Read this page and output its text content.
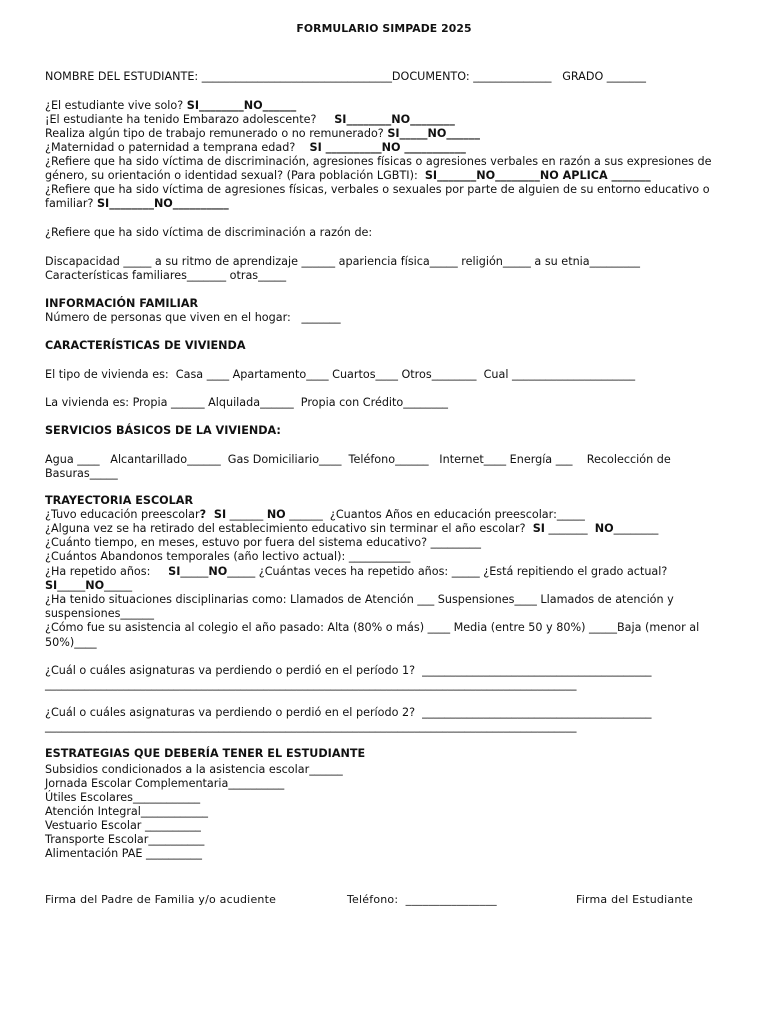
FORMULARIO SIMPADE 2025
NOMBRE DEL ESTUDIANTE: __________________________________DOCUMENTO: ______________ GRADO _______
¿El estudiante vive solo? SI________NO______
¡El estudiante ha tenido Embarazo adolescente?     SI________NO________
Realiza algún tipo de trabajo remunerado o no remunerado? SI_____NO______
¿Maternidad o paternidad a temprana edad?    SI __________NO ___________
¿Refiere que ha sido víctima de discriminación, agresiones físicas o agresiones verbales en razón a sus expresiones de
género, su orientación o identidad sexual? (Para población LGBTI):  SI_______NO________NO APLICA _______
¿Refiere que ha sido víctima de agresiones físicas, verbales o sexuales por parte de alguien de su entorno educativo o
familiar? SI________NO__________
¿Refiere que ha sido víctima de discriminación a razón de:
Discapacidad _____ a su ritmo de aprendizaje ______ apariencia física_____ religión_____ a su etnia_________
Características familiares_______ otras_____
INFORMACIÓN FAMILIAR
Número de personas que viven en el hogar:   _______
CARACTERÍSTICAS DE VIVIENDA
El tipo de vivienda es:  Casa ____ Apartamento____ Cuartos____ Otros________  Cual ______________________
La vivienda es: Propia ______ Alquilada______  Propia con Crédito________
SERVICIOS BÁSICOS DE LA VIVIENDA:
Agua ____   Alcantarillado______  Gas Domiciliario____  Teléfono______   Internet____ Energía ___    Recolección de
Basuras_____
TRAYECTORIA ESCOLAR
¿Tuvo educación preescolar?  SI ______ NO ______  ¿Cuantos Años en educación preescolar:_____
¿Alguna vez se ha retirado del establecimiento educativo sin terminar el año escolar?  SI _______  NO________
¿Cuánto tiempo, en meses, estuvo por fuera del sistema educativo? _________
¿Cuántos Abandonos temporales (año lectivo actual): ___________
¿Ha repetido años:     SI_____NO_____ ¿Cuántas veces ha repetido años: _____ ¿Está repitiendo el grado actual?
SI_____NO_____
¿Ha tenido situaciones disciplinarias como: Llamados de Atención ___ Suspensiones____ Llamados de atención y
suspensiones______
¿Cómo fue su asistencia al colegio el año pasado: Alta (80% o más) ____ Media (entre 50 y 80%) _____Baja (menor al
50%)____
¿Cuál o cuáles asignaturas va perdiendo o perdió en el período 1?  _________________________________________
_______________________________________________________________________________________________
¿Cuál o cuáles asignaturas va perdiendo o perdió en el período 2?  _________________________________________
_______________________________________________________________________________________________
ESTRATEGIAS QUE DEBERÍA TENER EL ESTUDIANTE
Subsidios condicionados a la asistencia escolar______
Jornada Escolar Complementaria__________
Útiles Escolares____________
Atención Integral____________
Vestuario Escolar __________
Transporte Escolar__________
Alimentación PAE __________
Firma del Padre de Familia y/o acudiente	Teléfono:  ________________	Firma del Estudiante
